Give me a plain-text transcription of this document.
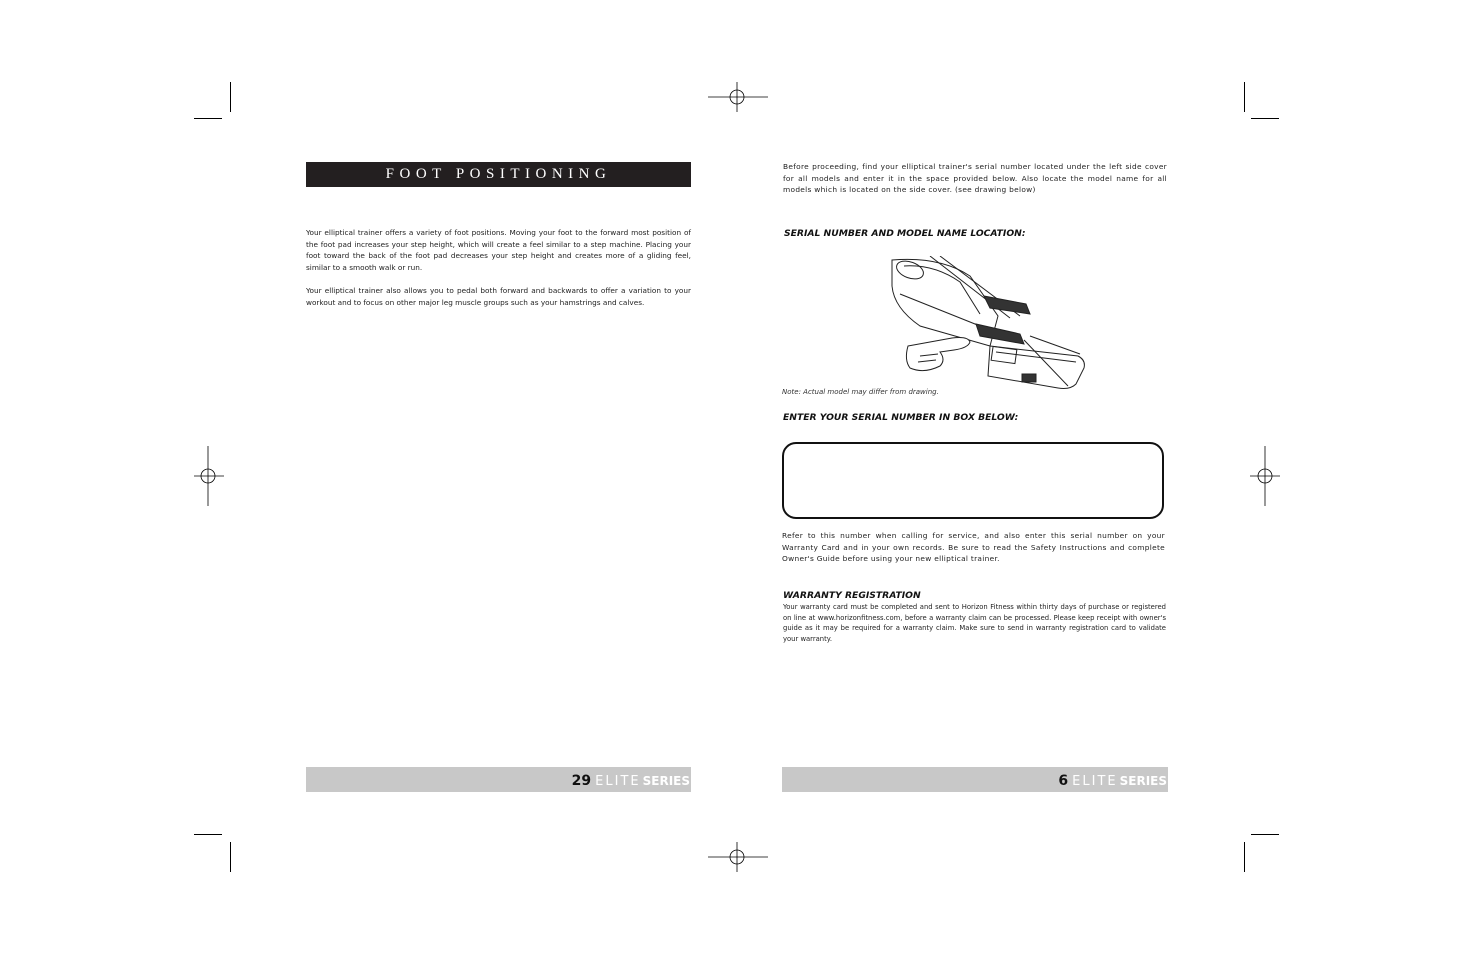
FOOT POSITIONING

Your elliptical trainer offers a variety of foot positions. Moving your foot to the forward most position of the foot pad increases your step height, which will create a feel similar to a step machine. Placing your foot toward the back of the foot pad decreases your step height and creates more of a gliding feel, similar to a smooth walk or run.

Your elliptical trainer also allows you to pedal both forward and backwards to offer a variation to your workout and to focus on other major leg muscle groups such as your hamstrings and calves.

29 ELITE SERIES
Before proceeding, find your elliptical trainer's serial number located under the left side cover for all models and enter it in the space provided below. Also locate the model name for all models which is located on the side cover. (see drawing below)
SERIAL NUMBER AND MODEL NAME LOCATION:
Note: Actual model may differ from drawing.
ENTER YOUR SERIAL NUMBER IN BOX BELOW:
Refer to this number when calling for service, and also enter this serial number on your Warranty Card and in your own records. Be sure to read the Safety Instructions and complete Owner's Guide before using your new elliptical trainer.
WARRANTY REGISTRATION
Your warranty card must be completed and sent to Horizon Fitness within thirty days of purchase or registered on line at www.horizonfitness.com, before a warranty claim can be processed. Please keep receipt with owner's guide as it may be required for a warranty claim. Make sure to send in warranty registration card to validate your warranty.
6 ELITE SERIES
